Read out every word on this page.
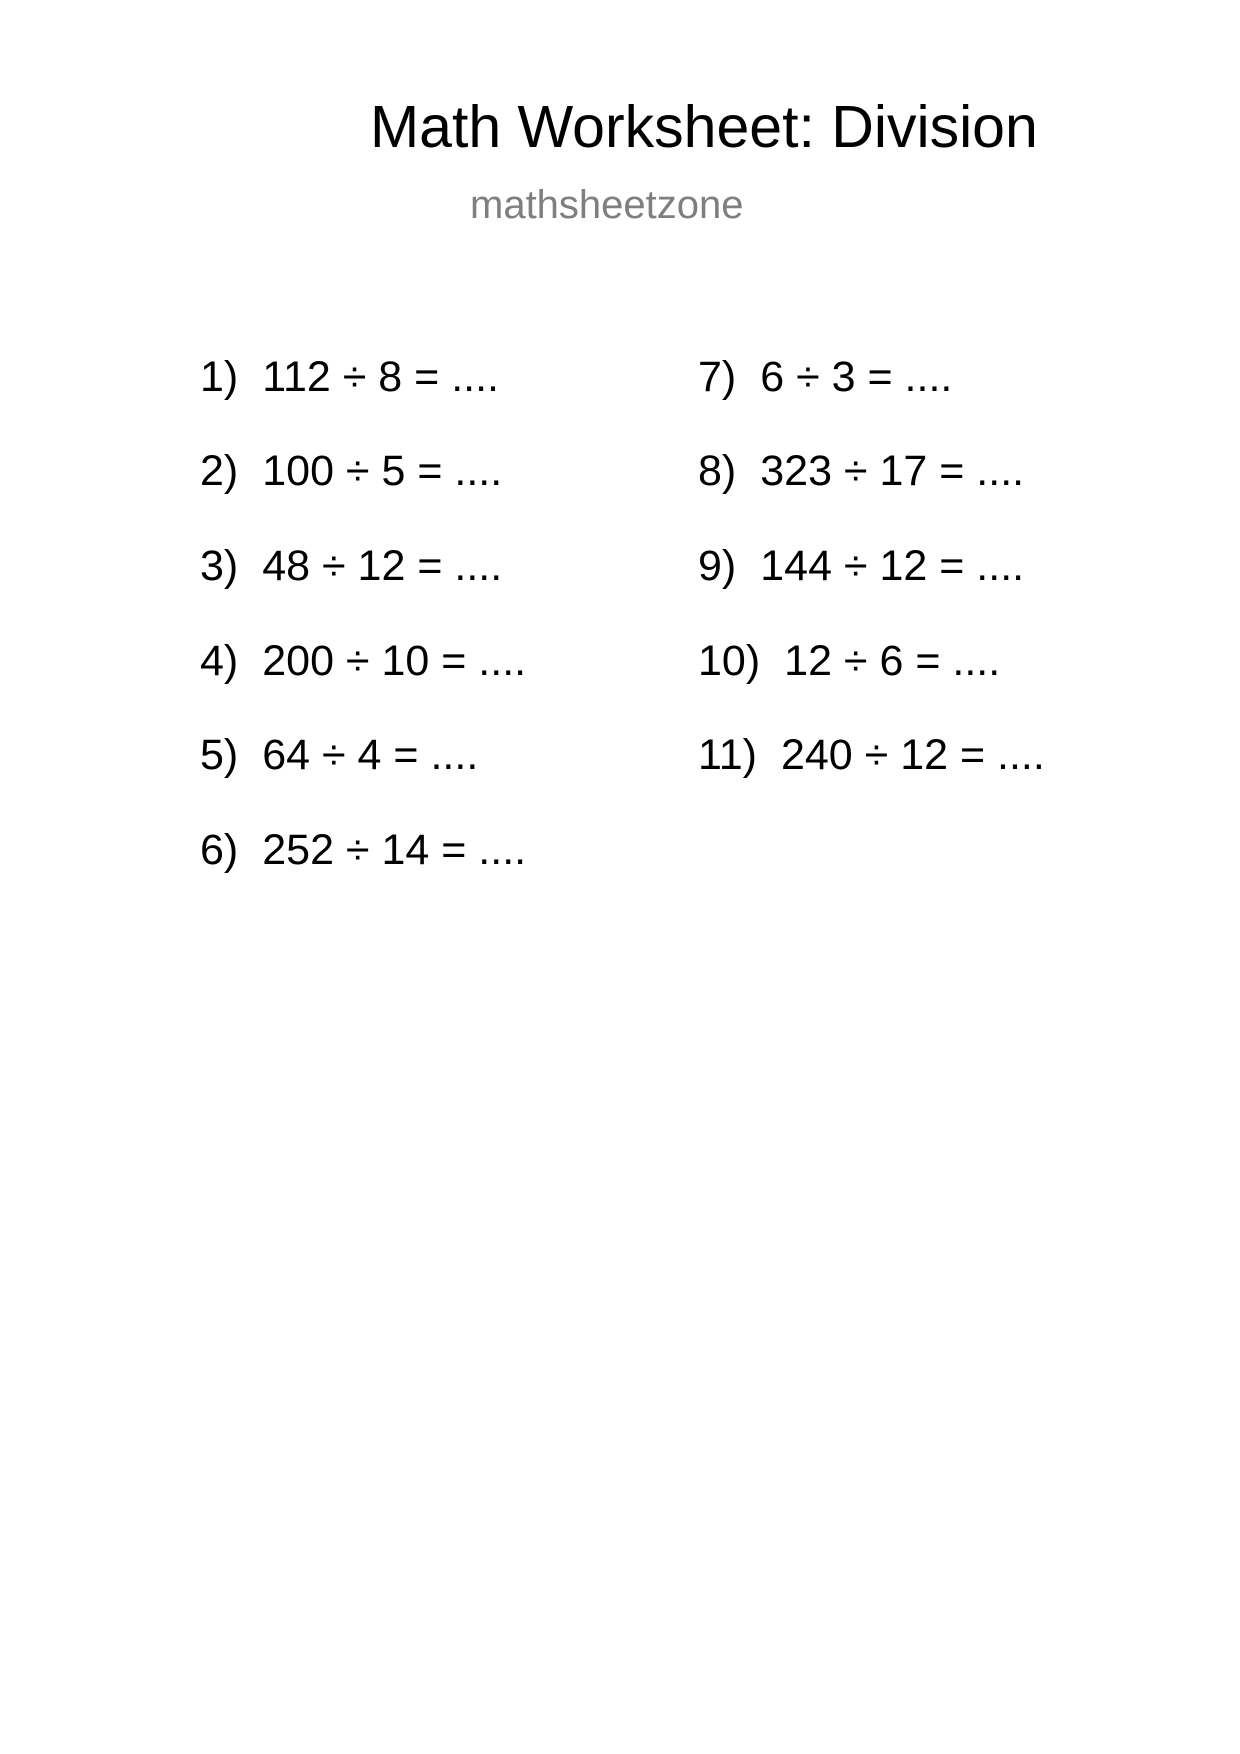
Math Worksheet: Division
mathsheetzone
1) 112 ÷ 8 = ....
2) 100 ÷ 5 = ....
3) 48 ÷ 12 = ....
4) 200 ÷ 10 = ....
5) 64 ÷ 4 = ....
6) 252 ÷ 14 = ....
7) 6 ÷ 3 = ....
8) 323 ÷ 17 = ....
9) 144 ÷ 12 = ....
10) 12 ÷ 6 = ....
11) 240 ÷ 12 = ....
